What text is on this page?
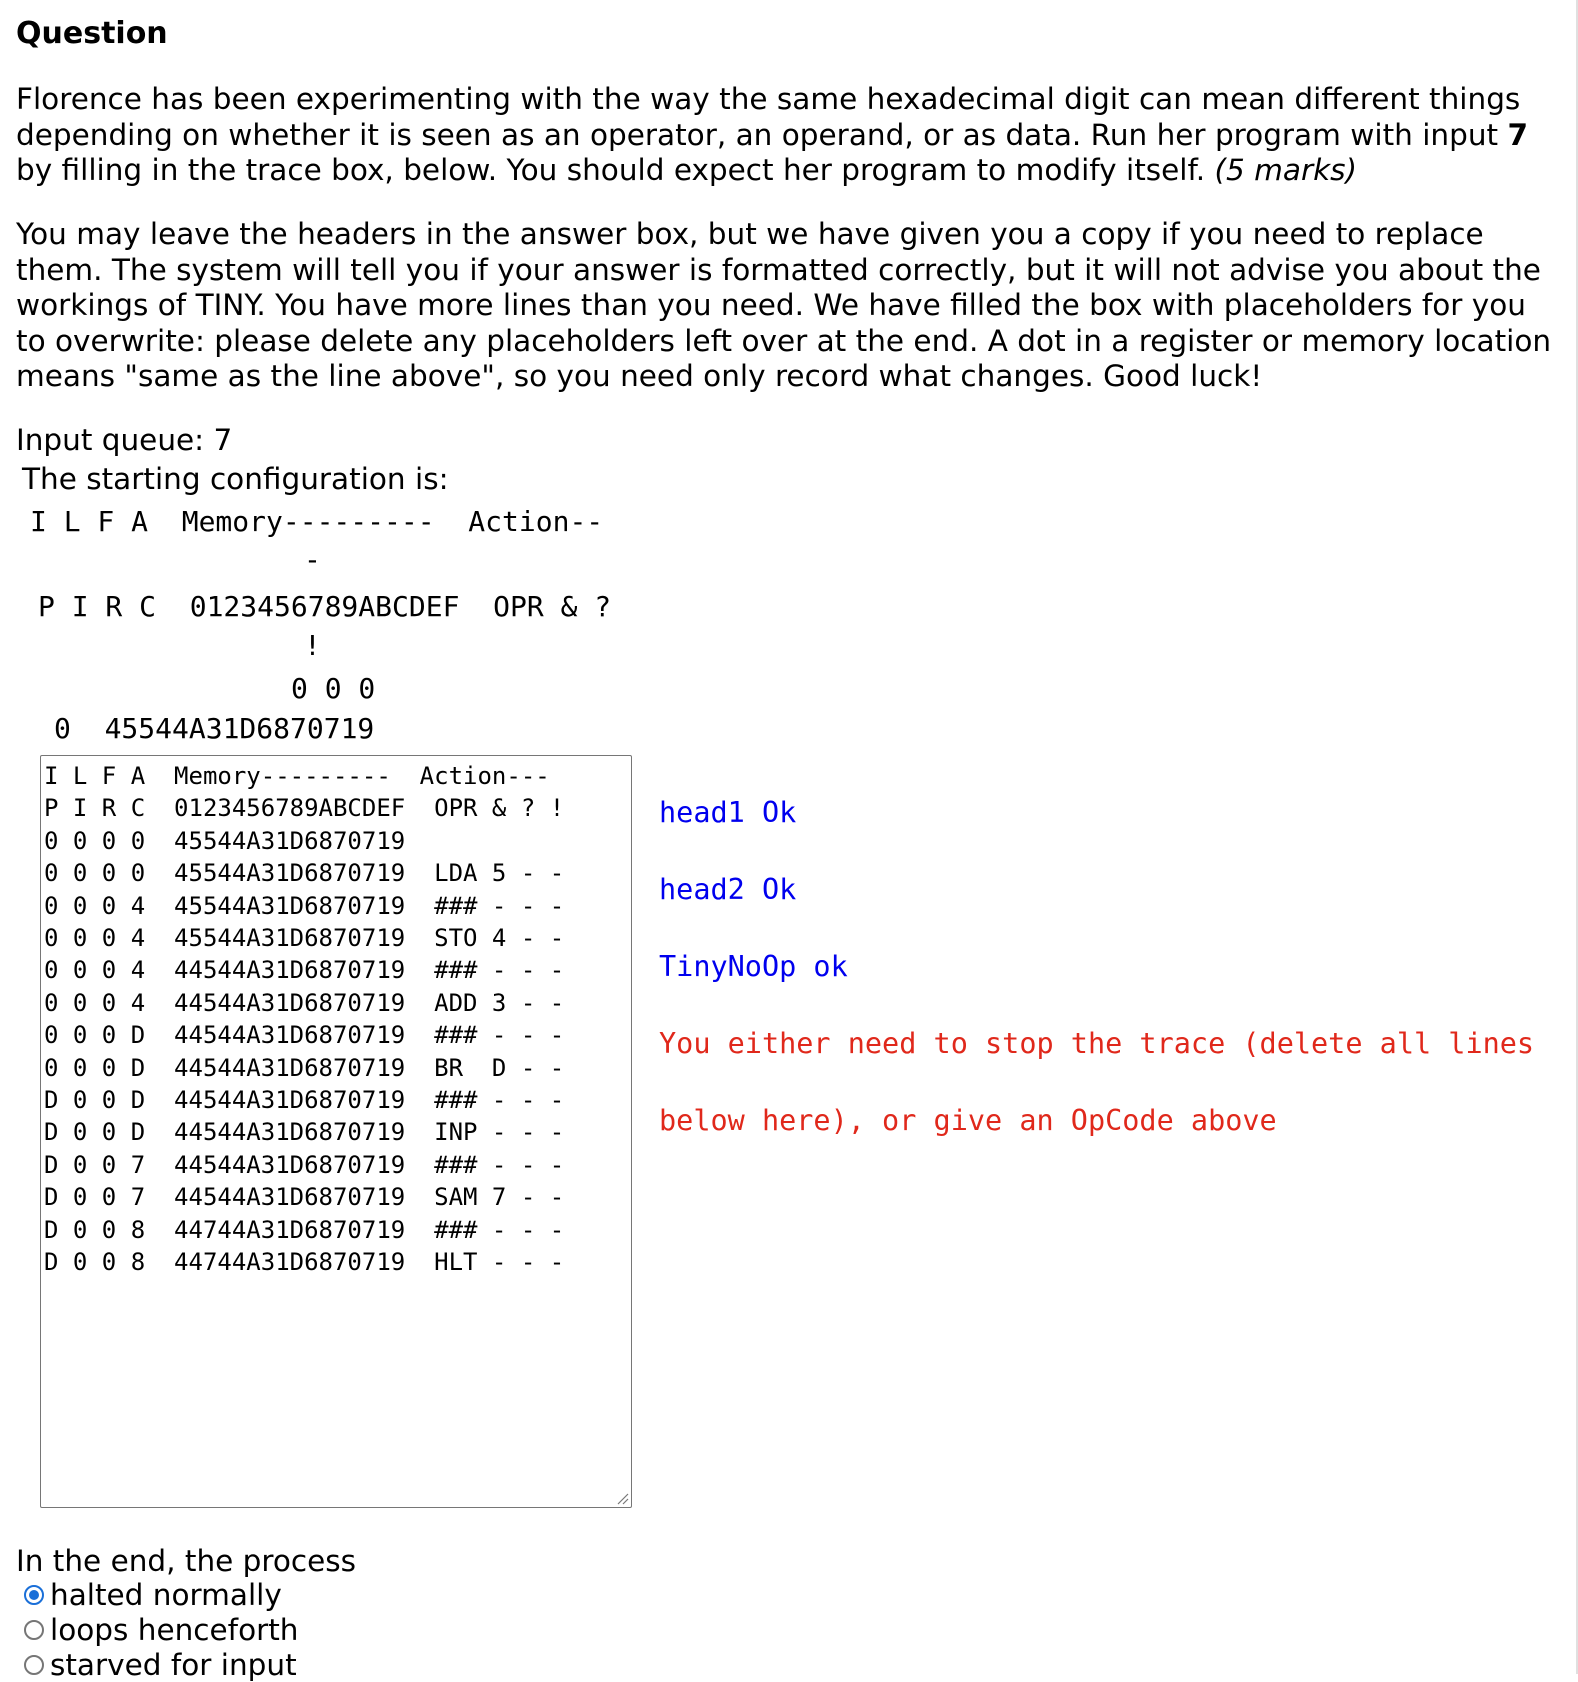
Question
Florence has been experimenting with the way the same hexadecimal digit can mean different things depending on whether it is seen as an operator, an operand, or as data. Run her program with input 7 by filling in the trace box, below. You should expect her program to modify itself. (5 marks)
You may leave the headers in the answer box, but we have given you a copy if you need to replace them. The system will tell you if your answer is formatted correctly, but it will not advise you about the workings of TINY. You have more lines than you need. We have filled the box with placeholders for you to overwrite: please delete any placeholders left over at the end. A dot in a register or memory location means "same as the line above", so you need only record what changes. Good luck!
Input queue: 7
The starting configuration is:
I L F A  Memory---------  Action--
-
P I R C  0123456789ABCDEF  OPR & ?
!
0 0 0
0  45544A31D6870719
I L F A  Memory---------  Action---
P I R C  0123456789ABCDEF  OPR & ? !
0 0 0 0  45544A31D6870719
0 0 0 0  45544A31D6870719  LDA 5 - -
0 0 0 4  45544A31D6870719  ### - - -
0 0 0 4  45544A31D6870719  STO 4 - -
0 0 0 4  44544A31D6870719  ### - - -
0 0 0 4  44544A31D6870719  ADD 3 - -
0 0 0 D  44544A31D6870719  ### - - -
0 0 0 D  44544A31D6870719  BR  D - -
D 0 0 D  44544A31D6870719  ### - - -
D 0 0 D  44544A31D6870719  INP - - -
D 0 0 7  44544A31D6870719  ### - - -
D 0 0 7  44544A31D6870719  SAM 7 - -
D 0 0 8  44744A31D6870719  ### - - -
D 0 0 8  44744A31D6870719  HLT - - -

head1 Ok

head2 Ok

TinyNoOp ok

You either need to stop the trace (delete all lines

below here), or give an OpCode above

In the end, the process
halted normally
loops henceforth
starved for input
